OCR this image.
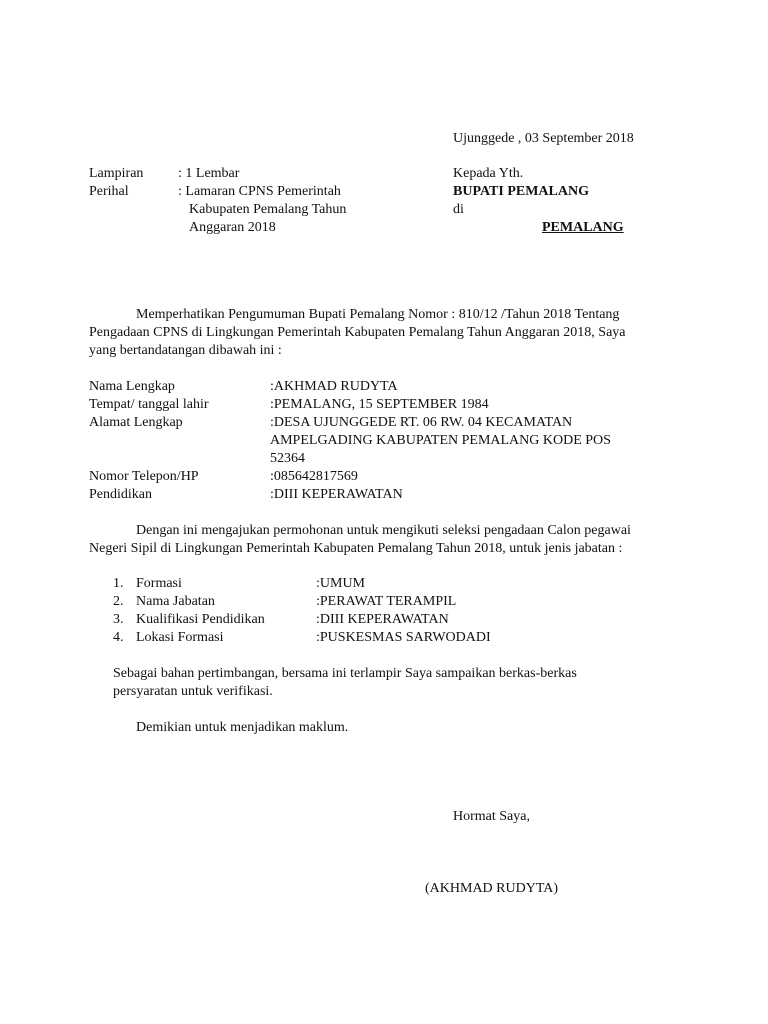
Ujunggede , 03 September 2018
Lampiran : 1 Lembar
Perihal	: Lamaran CPNS Pemerintah
Kabupaten Pemalang Tahun
Anggaran 2018
Kepada Yth.
BUPATI PEMALANG
di
PEMALANG
Memperhatikan Pengumuman Bupati Pemalang Nomor : 810/12 /Tahun 2018 Tentang
Pengadaan CPNS di Lingkungan Pemerintah Kabupaten Pemalang Tahun Anggaran 2018, Saya
yang bertandatangan dibawah ini :
Nama Lengkap	:AKHMAD RUDYTA
Tempat/ tanggal lahir	:PEMALANG, 15 SEPTEMBER 1984
Alamat Lengkap	:DESA UJUNGGEDE RT. 06 RW. 04 KECAMATAN
AMPELGADING KABUPATEN PEMALANG KODE POS
52364
Nomor Telepon/HP	:085642817569
Pendidikan	:DIII KEPERAWATAN
Dengan ini mengajukan permohonan untuk mengikuti seleksi pengadaan Calon pegawai
Negeri Sipil di Lingkungan Pemerintah Kabupaten Pemalang Tahun 2018, untuk jenis jabatan :
1. Formasi	:UMUM
2. Nama Jabatan	:PERAWAT TERAMPIL
3. Kualifikasi Pendidikan	:DIII KEPERAWATAN
4. Lokasi Formasi	:PUSKESMAS SARWODADI
Sebagai bahan pertimbangan, bersama ini terlampir Saya sampaikan berkas-berkas
persyaratan untuk verifikasi.
Demikian untuk menjadikan maklum.
Hormat Saya,
(AKHMAD RUDYTA)
